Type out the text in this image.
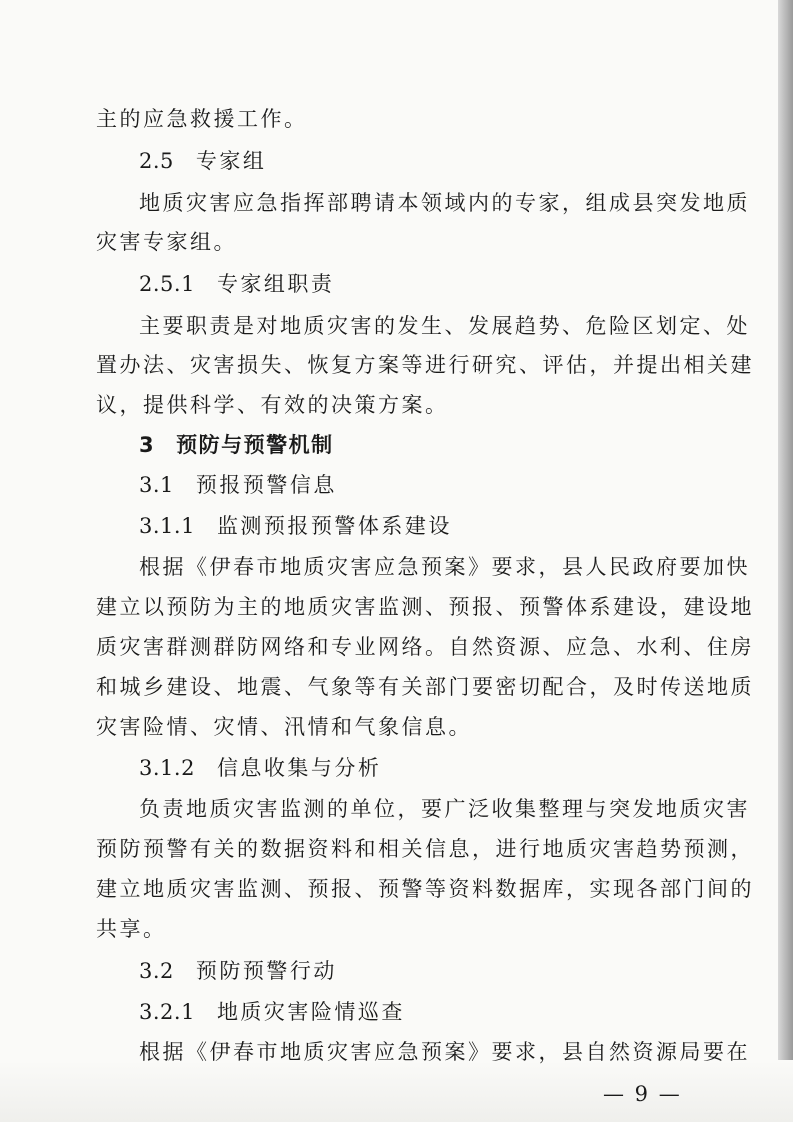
主的应急救援工作。
2.5 专家组
地质灾害应急指挥部聘请本领域内的专家，组成县突发地质
灾害专家组。
2.5.1 专家组职责
主要职责是对地质灾害的发生、发展趋势、危险区划定、处
置办法、灾害损失、恢复方案等进行研究、评估，并提出相关建
议，提供科学、有效的决策方案。
3 预防与预警机制
3.1 预报预警信息
3.1.1 监测预报预警体系建设
根据《伊春市地质灾害应急预案》要求，县人民政府要加快
建立以预防为主的地质灾害监测、预报、预警体系建设，建设地
质灾害群测群防网络和专业网络。自然资源、应急、水利、住房
和城乡建设、地震、气象等有关部门要密切配合，及时传送地质
灾害险情、灾情、汛情和气象信息。
3.1.2 信息收集与分析
负责地质灾害监测的单位，要广泛收集整理与突发地质灾害
预防预警有关的数据资料和相关信息，进行地质灾害趋势预测，
建立地质灾害监测、预报、预警等资料数据库，实现各部门间的
共享。
3.2 预防预警行动
3.2.1 地质灾害险情巡查
根据《伊春市地质灾害应急预案》要求，县自然资源局要在
— 9 —
